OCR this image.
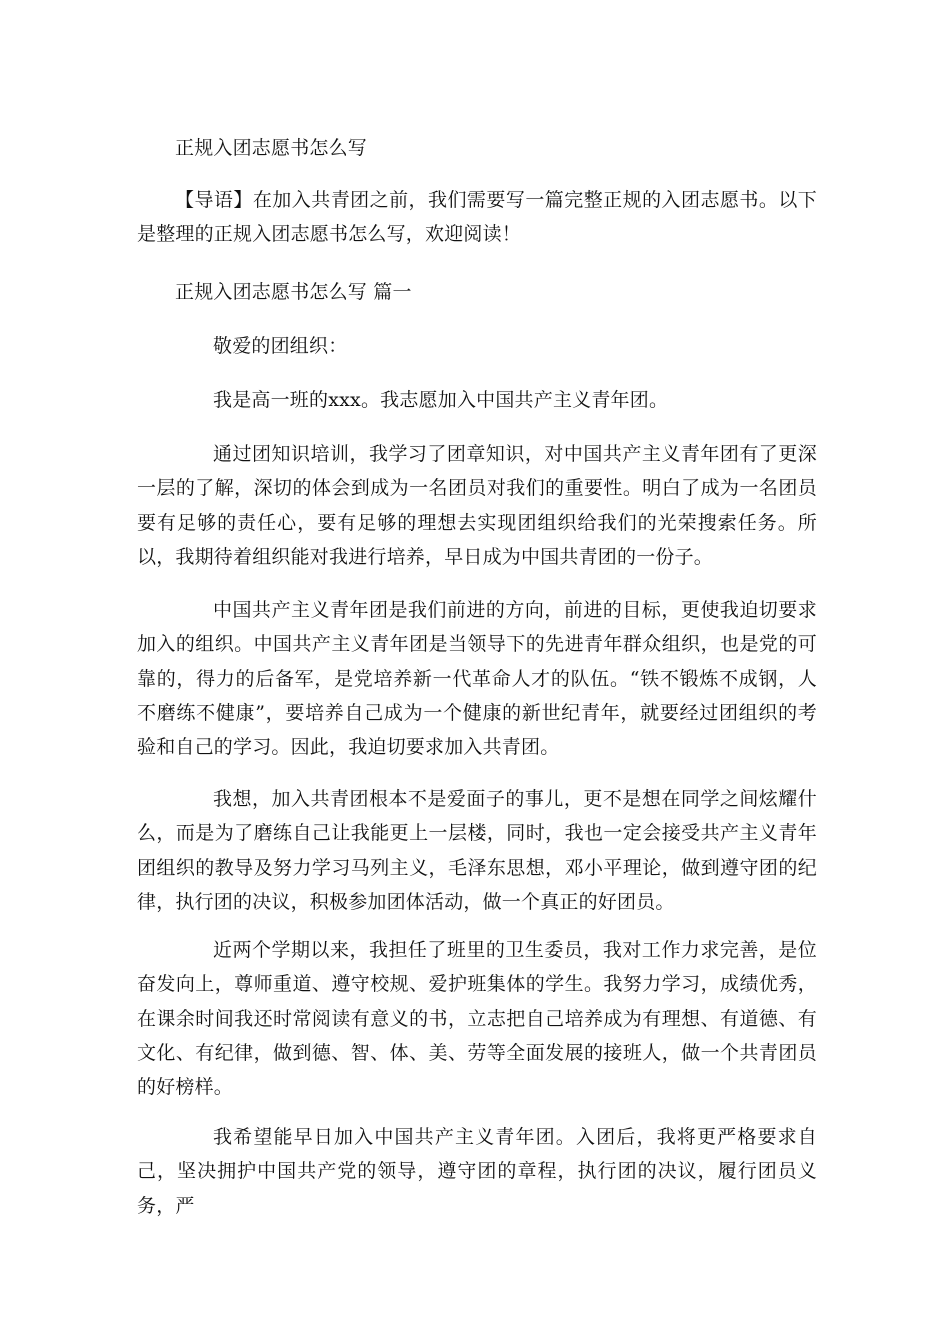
正规入团志愿书怎么写

【导语】在加入共青团之前，我们需要写一篇完整正规的入团志愿书。以下是整理的正规入团志愿书怎么写，欢迎阅读！

正规入团志愿书怎么写 篇一

敬爱的团组织：

我是高一班的xxx。我志愿加入中国共产主义青年团。

通过团知识培训，我学习了团章知识，对中国共产主义青年团有了更深一层的了解，深切的体会到成为一名团员对我们的重要性。明白了成为一名团员要有足够的责任心，要有足够的理想去实现团组织给我们的光荣搜索任务。所以，我期待着组织能对我进行培养，早日成为中国共青团的一份子。

中国共产主义青年团是我们前进的方向，前进的目标，更使我迫切要求加入的组织。中国共产主义青年团是当领导下的先进青年群众组织，也是党的可靠的，得力的后备军，是党培养新一代革命人才的队伍。“铁不锻炼不成钢，人不磨练不健康”，要培养自己成为一个健康的新世纪青年，就要经过团组织的考验和自己的学习。因此，我迫切要求加入共青团。

我想，加入共青团根本不是爱面子的事儿，更不是想在同学之间炫耀什么，而是为了磨练自己让我能更上一层楼，同时，我也一定会接受共产主义青年团组织的教导及努力学习马列主义，毛泽东思想，邓小平理论，做到遵守团的纪律，执行团的决议，积极参加团体活动，做一个真正的好团员。

近两个学期以来，我担任了班里的卫生委员，我对工作力求完善，是位奋发向上，尊师重道、遵守校规、爱护班集体的学生。我努力学习，成绩优秀，在课余时间我还时常阅读有意义的书，立志把自己培养成为有理想、有道德、有文化、有纪律，做到德、智、体、美、劳等全面发展的接班人，做一个共青团员的好榜样。

我希望能早日加入中国共产主义青年团。入团后，我将更严格要求自己，坚决拥护中国共产党的领导，遵守团的章程，执行团的决议，履行团员义务，严
